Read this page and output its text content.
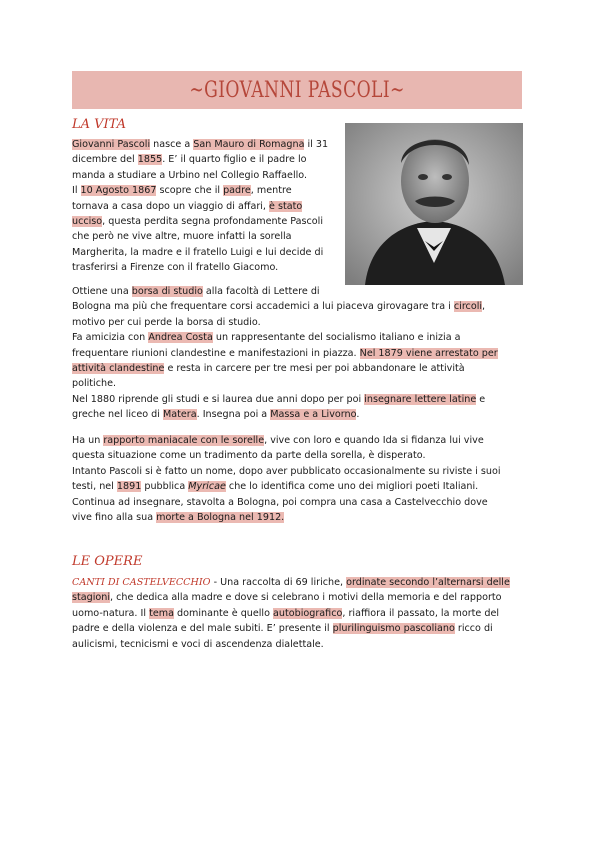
~GIOVANNI PASCOLI~
LA VITA
Giovanni Pascoli nasce a San Mauro di Romagna il 31
dicembre del 1855. E’ il quarto figlio e il padre lo
manda a studiare a Urbino nel Collegio Raffaello.
Il 10 Agosto 1867 scopre che il padre, mentre
tornava a casa dopo un viaggio di affari, è stato
ucciso, questa perdita segna profondamente Pascoli
che però ne vive altre, muore infatti la sorella
Margherita, la madre e il fratello Luigi e lui decide di
trasferirsi a Firenze con il fratello Giacomo.
Ottiene una borsa di studio alla facoltà di Lettere di
Bologna ma più che frequentare corsi accademici a lui piaceva girovagare tra i circoli,
motivo per cui perde la borsa di studio.
Fa amicizia con Andrea Costa un rappresentante del socialismo italiano e inizia a
frequentare riunioni clandestine e manifestazioni in piazza. Nel 1879 viene arrestato per
attività clandestine e resta in carcere per tre mesi per poi abbandonare le attività
politiche.
Nel 1880 riprende gli studi e si laurea due anni dopo per poi insegnare lettere latine e
greche nel liceo di Matera. Insegna poi a Massa e a Livorno.
Ha un rapporto maniacale con le sorelle, vive con loro e quando Ida si fidanza lui vive
questa situazione come un tradimento da parte della sorella, è disperato.
Intanto Pascoli si è fatto un nome, dopo aver pubblicato occasionalmente su riviste i suoi
testi, nel 1891 pubblica Myricae che lo identifica come uno dei migliori poeti Italiani.
Continua ad insegnare, stavolta a Bologna, poi compra una casa a Castelvecchio dove
vive fino alla sua morte a Bologna nel 1912.
LE OPERE
CANTI DI CASTELVECCHIO - Una raccolta di 69 liriche, ordinate secondo l’alternarsi delle
stagioni, che dedica alla madre e dove si celebrano i motivi della memoria e del rapporto
uomo-natura. Il tema dominante è quello autobiografico, riaffiora il passato, la morte del
padre e della violenza e del male subiti. E’ presente il plurilinguismo pascoliano ricco di
aulicismi, tecnicismi e voci di ascendenza dialettale.
